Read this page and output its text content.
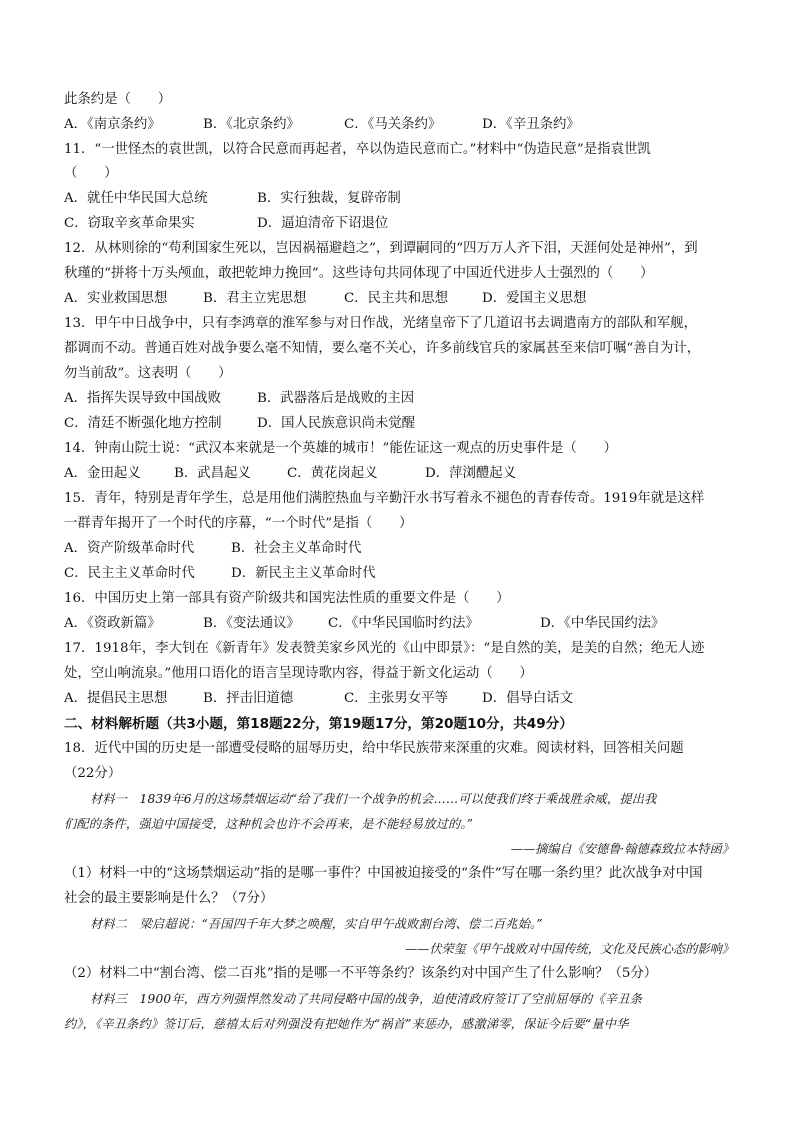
此条约是（　　）
A．《南京条约》	B．《北京条约》	C．《马关条约》	D．《辛丑条约》
11．“一世怪杰的袁世凯，以符合民意而再起者，卒以伪造民意而亡。”材料中“伪造民意”是指袁世凯
（　　）
A．就任中华民国大总统	B．实行独裁，复辟帝制
C．窃取辛亥革命果实	D．逼迫清帝下诏退位
12．从林则徐的“苟利国家生死以，岂因祸福避趋之”，到谭嗣同的“四万万人齐下泪，天涯何处是神州”，到
秋瑾的“拼将十万头颅血，敢把乾坤力挽回”。这些诗句共同体现了中国近代进步人士强烈的（　　）
A．实业救国思想	B．君主立宪思想	C．民主共和思想	D．爱国主义思想
13．甲午中日战争中，只有李鸿章的淮军参与对日作战，光绪皇帝下了几道诏书去调遣南方的部队和军舰，
都调而不动。普通百姓对战争要么毫不知情，要么毫不关心，许多前线官兵的家属甚至来信叮嘱“善自为计，
勿当前敌”。这表明（　　）
A．指挥失误导致中国战败	B．武器落后是战败的主因
C．清廷不断强化地方控制	D．国人民族意识尚未觉醒
14．钟南山院士说：“武汉本来就是一个英雄的城市！”能佐证这一观点的历史事件是（　　）
A．金田起义 B．武昌起义	C．黄花岗起义	D．萍浏醴起义
15．青年，特别是青年学生，总是用他们满腔热血与辛勤汗水书写着永不褪色的青春传奇。1919年就是这样
一群青年揭开了一个时代的序幕，“一个时代”是指（　　）
A．资产阶级革命时代	B．社会主义革命时代
C．民主主义革命时代	D．新民主主义革命时代
16．中国历史上第一部具有资产阶级共和国宪法性质的重要文件是（　　）
A．《资政新篇》	B．《变法通议》 C．《中华民国临时约法》	D．《中华民国约法》
17．1918年，李大钊在《新青年》发表赞美家乡风光的《山中即景》：“是自然的美，是美的自然；绝无人迹
处，空山响流泉。”他用口语化的语言呈现诗歌内容，得益于新文化运动（　　）
A．提倡民主思想	B．抨击旧道德	C．主张男女平等	D．倡导白话文
二、材料解析题（共3小题，第18题22分，第19题17分，第20题10分，共49分）
18．近代中国的历史是一部遭受侵略的屈辱历史，给中华民族带来深重的灾难。阅读材料，回答相关问题
（22分）
材料一　1839年6月的这场禁烟运动“给了我们一个战争的机会……可以使我们终于乘战胜余威，提出我
们配的条件，强迫中国接受，这种机会也许不会再来，是不能轻易放过的。”
——摘编自《安德鲁·翰德森致拉本特函》
（1）材料一中的“这场禁烟运动”指的是哪一事件？中国被迫接受的“条件”写在哪一条约里？此次战争对中国
社会的最主要影响是什么？（7分）
材料二　梁启超说：“吾国四千年大梦之唤醒，实自甲午战败割台湾、偿二百兆始。”
——伏荣玺《甲午战败对中国传统，文化及民族心态的影响》
（2）材料二中“割台湾、偿二百兆”指的是哪一不平等条约？该条约对中国产生了什么影响？（5分）
材料三　1900年，西方列强悍然发动了共同侵略中国的战争，迫使清政府签订了空前屈辱的《辛丑条
约》，《辛丑条约》签订后，慈禧太后对列强没有把她作为“祸首”来惩办，感激涕零，保证今后要“量中华
